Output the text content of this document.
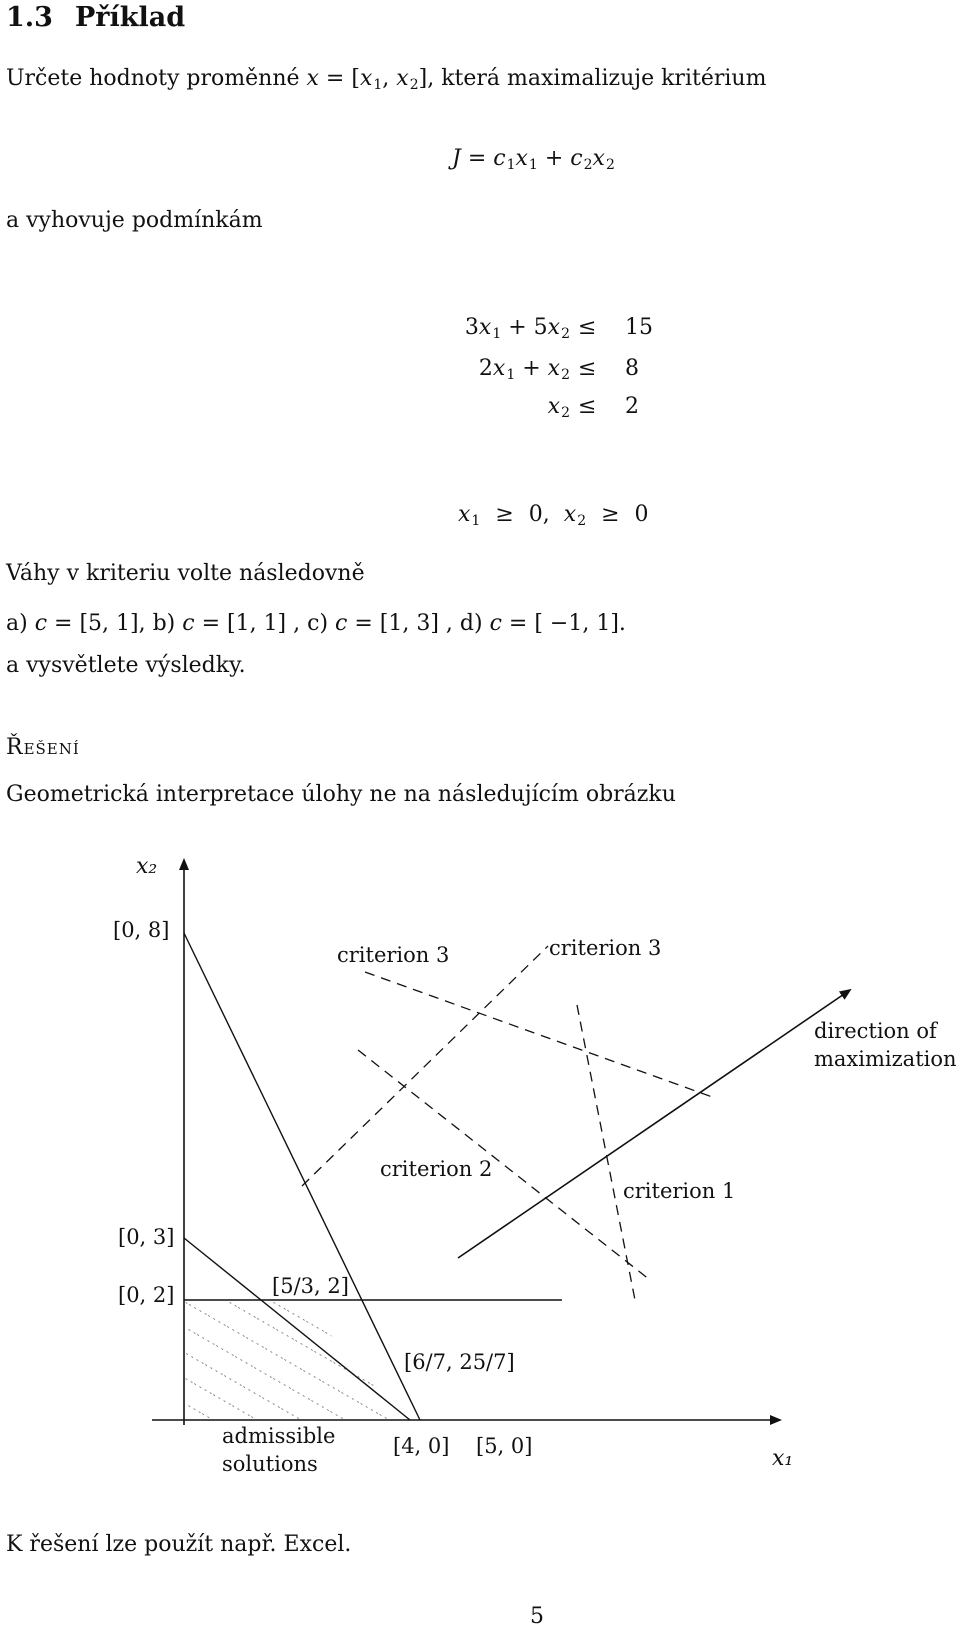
1.3 Příklad
Určete hodnoty proměnné $x = [x_1$, $x_2$], která maximalizuje kritérium
$J = c_1x_1 + c_2x_2$
a vyhovuje podmínkám
$3x_1 + 5x_2 \le 15$
$2x_1 + x_2 \le 8$
$x_2 \le 2$
$x_1 \ge 0$,  $x_2 \ge 0$
Váhy v kriteriu volte následovně
a) c = [5, 1], b) c = [1, 1] , c) c = [1, 3] , d) c = [ −1, 1].
a vysvětlete výsledky.
Řešení
Geometrická interpretace úlohy ne na následujícím obrázku
x₂
x₁
[0, 8]
[0, 3]
[0, 2]	[5/3, 2]
[6/7, 25/7]
[4, 0] [5, 0]
criterion 3	criterion 3
criterion 2
criterion 1
direction of
maximization
admissible
solutions
K řešení lze použít např. Excel.
5
